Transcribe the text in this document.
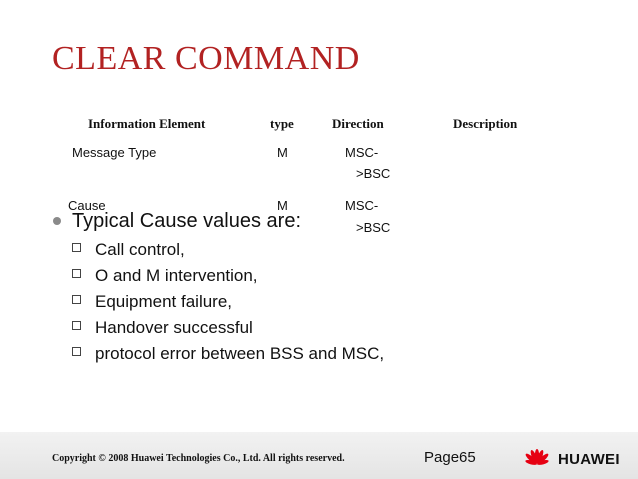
CLEAR COMMAND
Information Element	type	Direction	Description
Message Type	M	MSC-
>BSC
Cause	M	MSC-
>BSC
Typical Cause values are:
Call control,
O and M intervention,
Equipment failure,
Handover successful
protocol error between BSS and MSC,
Copyright © 2008 Huawei Technologies Co., Ltd. All rights reserved.	Page65	HUAWEI
